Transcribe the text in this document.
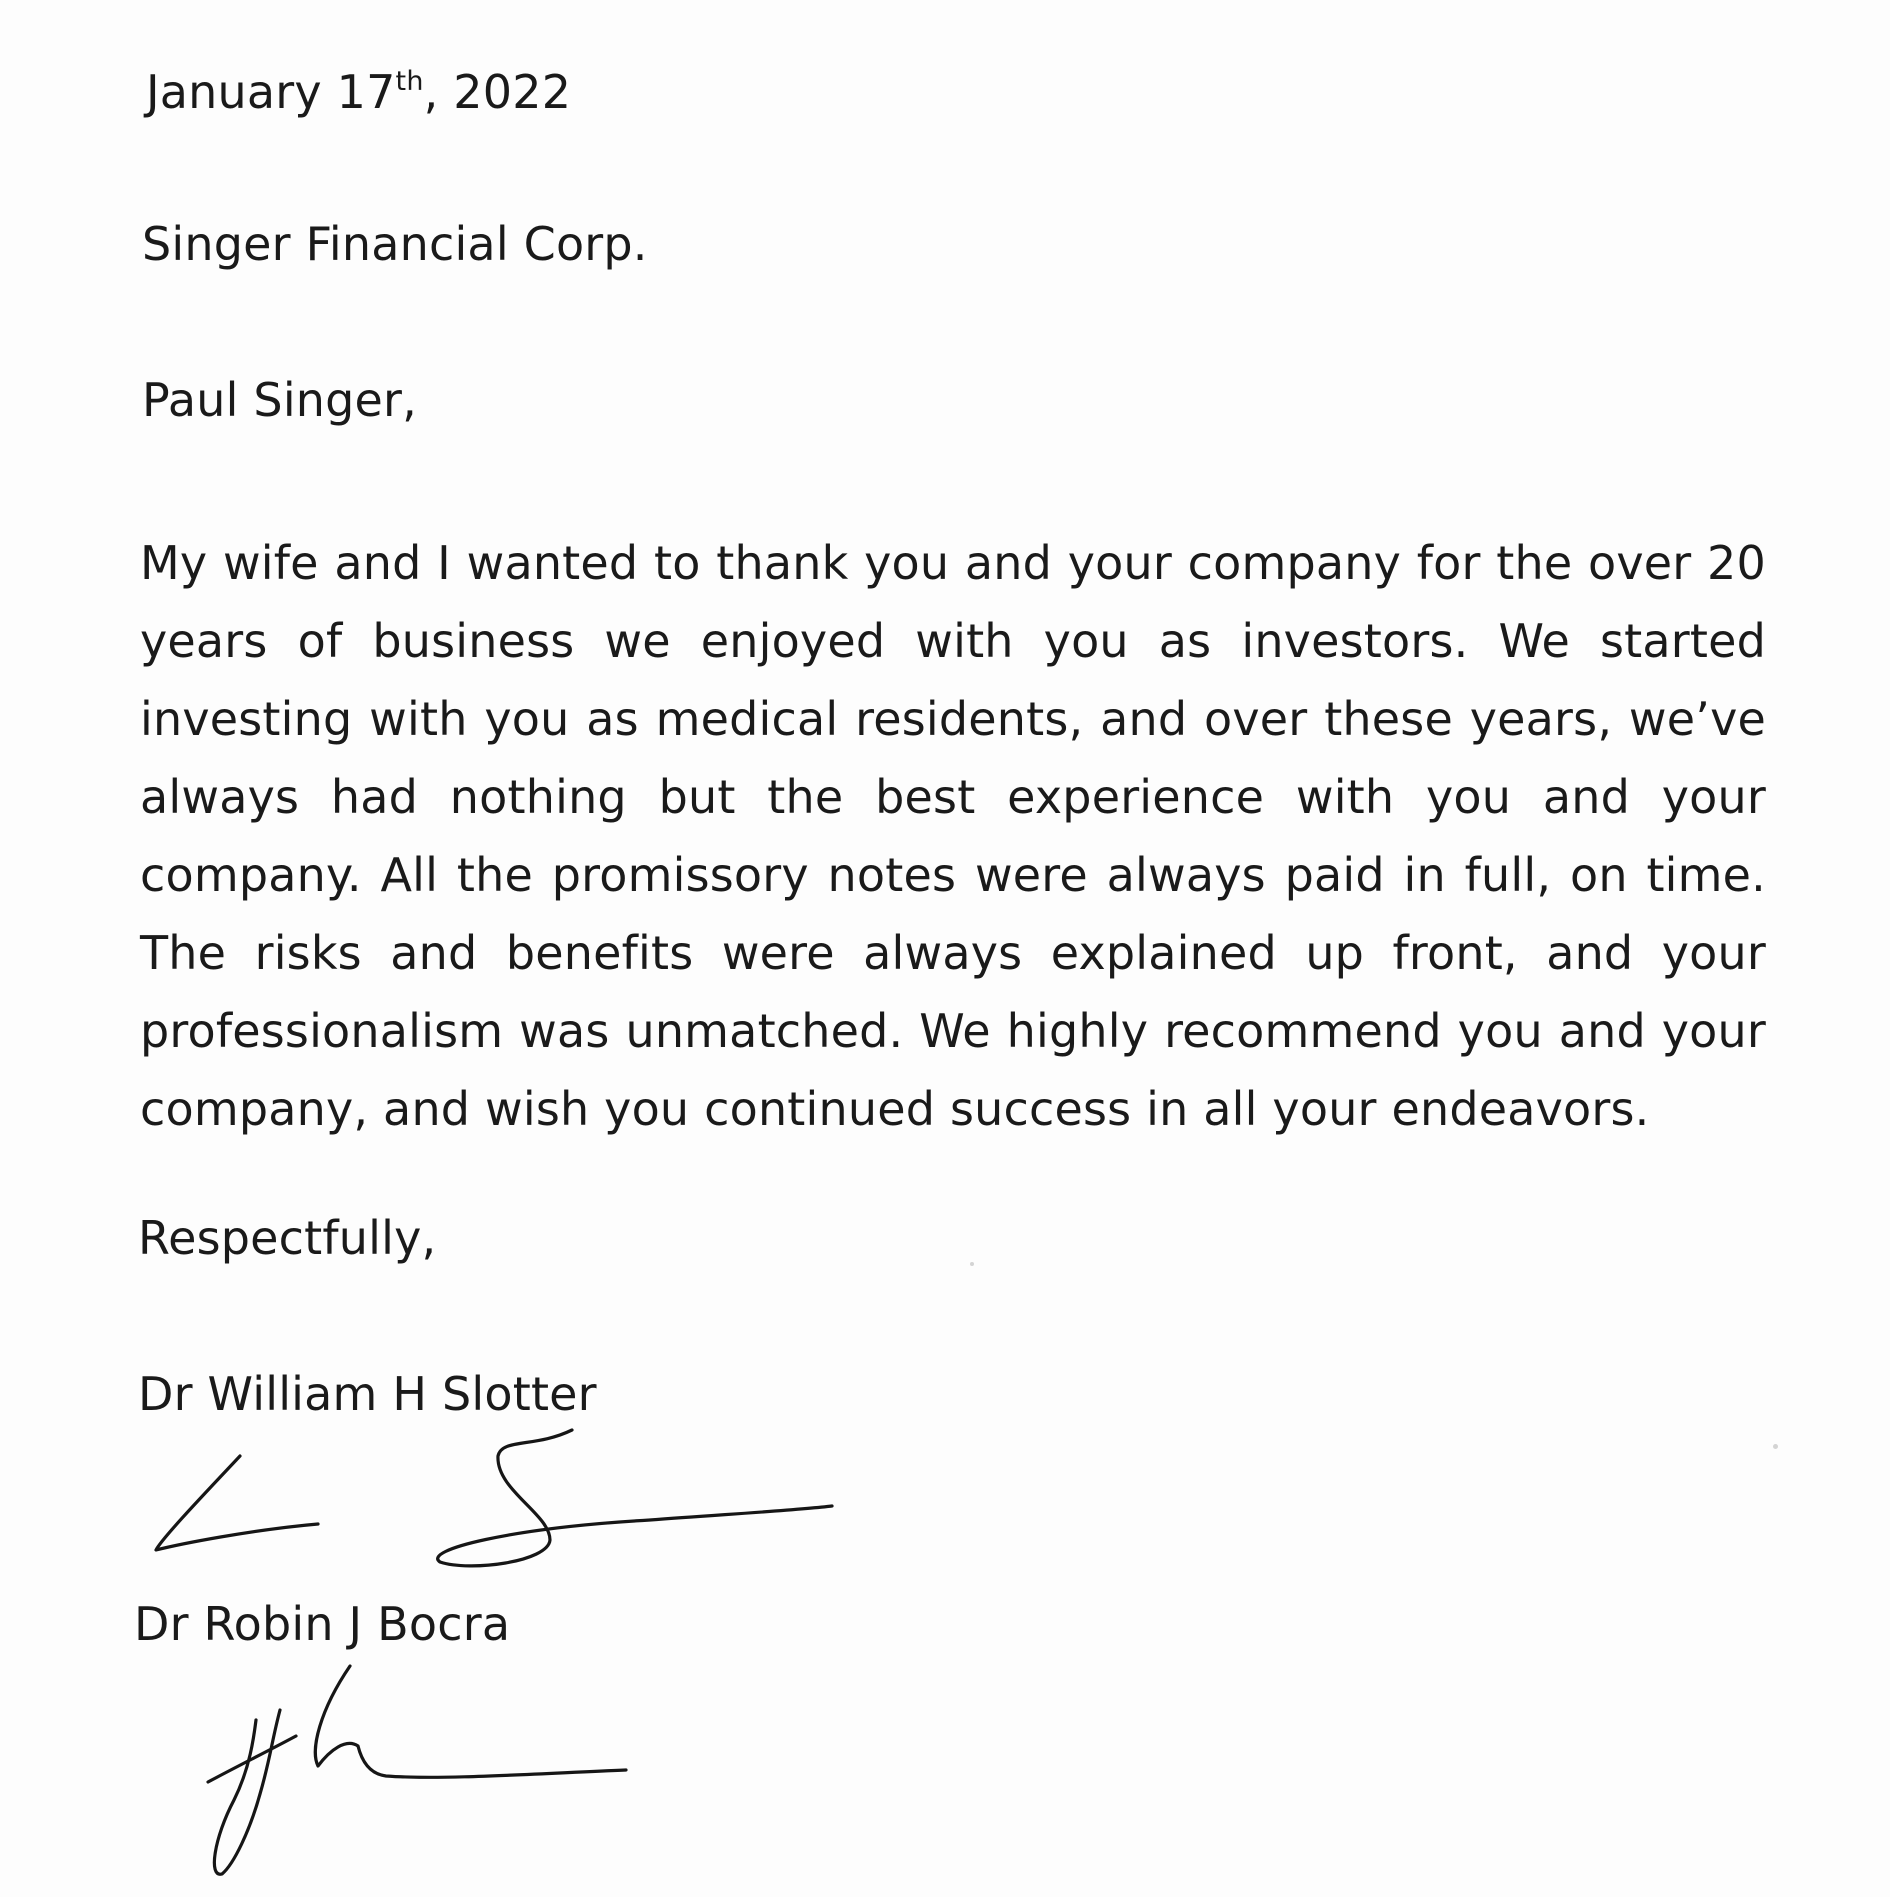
January 17th, 2022
Singer Financial Corp.
Paul Singer,
My wife and I wanted to thank you and your company for the over 20 years of business we enjoyed with you as investors. We started investing with you as medical residents, and over these years, we’ve always had nothing but the best experience with you and your company. All the promissory notes were always paid in full, on time. The risks and benefits were always explained up front, and your professionalism was unmatched. We highly recommend you and your company, and wish you continued success in all your endeavors.
Respectfully,
Dr William H Slotter
Dr Robin J Bocra
